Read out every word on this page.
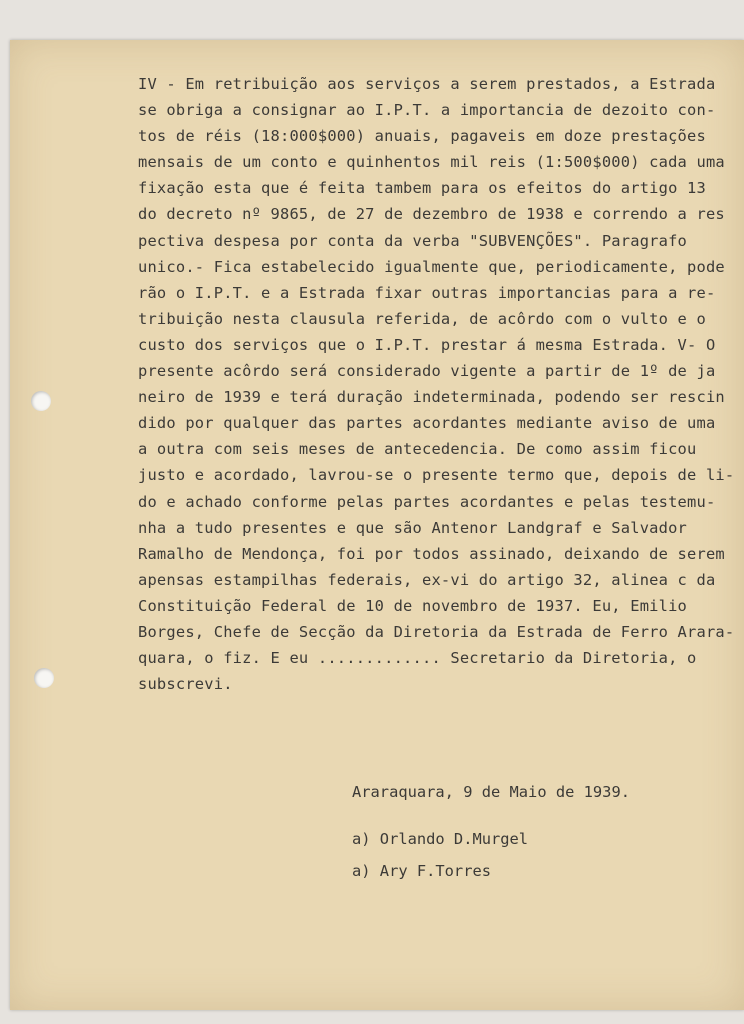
IV - Em retribuição aos serviços a serem prestados, a Estrada
se obriga a consignar ao I.P.T. a importancia de dezoito con-
tos de réis (18:000$000) anuais, pagaveis em doze prestações
mensais de um conto e quinhentos mil reis (1:500$000) cada uma
fixação esta que é feita tambem para os efeitos do artigo 13
do decreto nº 9865, de 27 de dezembro de 1938 e correndo a res
pectiva despesa por conta da verba "SUBVENÇÕES". Paragrafo
unico.- Fica estabelecido igualmente que, periodicamente, pode
rão o I.P.T. e a Estrada fixar outras importancias para a re-
tribuição nesta clausula referida, de acôrdo com o vulto e o
custo dos serviços que o I.P.T. prestar á mesma Estrada. V- O
presente acôrdo será considerado vigente a partir de 1º de ja
neiro de 1939 e terá duração indeterminada, podendo ser rescin
dido por qualquer das partes acordantes mediante aviso de uma
a outra com seis meses de antecedencia. De como assim ficou
justo e acordado, lavrou-se o presente termo que, depois de li-
do e achado conforme pelas partes acordantes e pelas testemu-
nha a tudo presentes e que são Antenor Landgraf e Salvador
Ramalho de Mendonça, foi por todos assinado, deixando de serem
apensas estampilhas federais, ex-vi do artigo 32, alinea c da
Constituição Federal de 10 de novembro de 1937. Eu, Emilio
Borges, Chefe de Secção da Diretoria da Estrada de Ferro Arara-
quara, o fiz. E eu ............. Secretario da Diretoria, o
subscrevi.

Araraquara, 9 de Maio de 1939.

a) Orlando D.Murgel
a) Ary F.Torres
